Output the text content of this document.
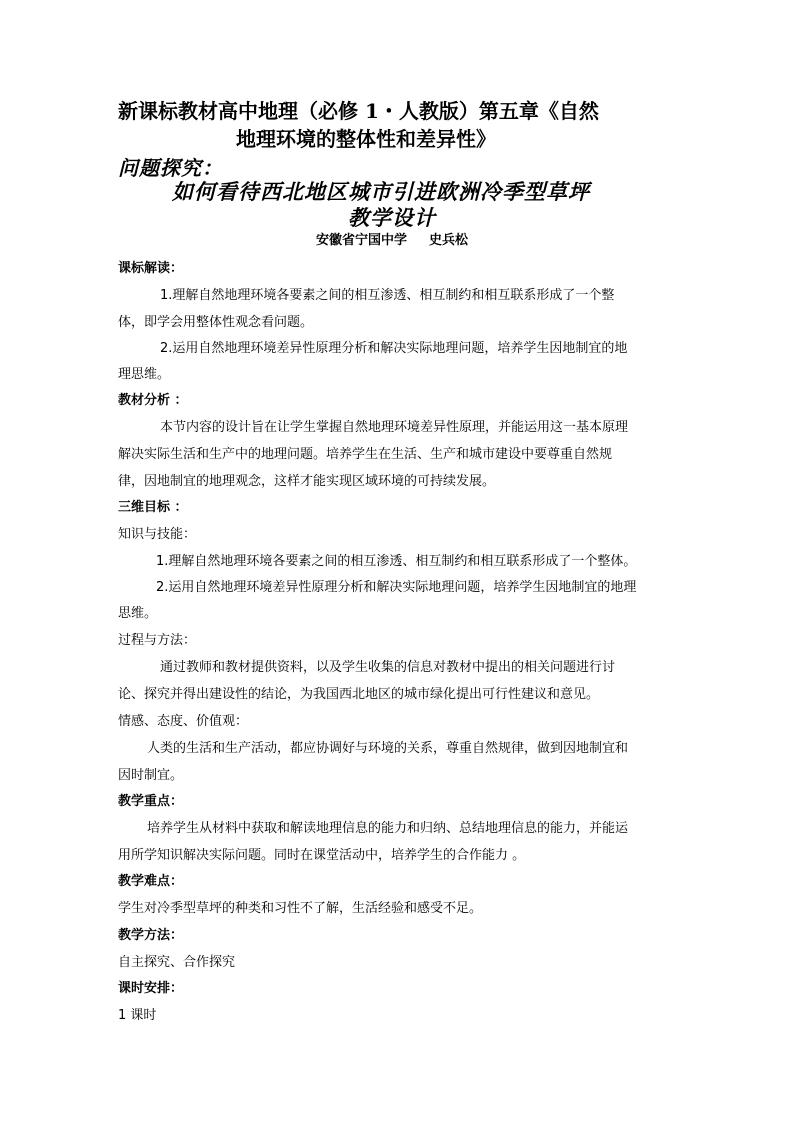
新课标教材高中地理（必修 1・人教版）第五章《自然
地理环境的整体性和差异性》
问题探究：
如何看待西北地区城市引进欧洲冷季型草坪
教学设计
安徽省宁国中学 史兵松
课标解读：
1.理解自然地理环境各要素之间的相互渗透、相互制约和相互联系形成了一个整
体，即学会用整体性观念看问题。
2.运用自然地理环境差异性原理分析和解决实际地理问题，培养学生因地制宜的地
理思维。
教材分析 ：
本节内容的设计旨在让学生掌握自然地理环境差异性原理，并能运用这一基本原理
解决实际生活和生产中的地理问题。培养学生在生活、生产和城市建设中要尊重自然规
律，因地制宜的地理观念，这样才能实现区域环境的可持续发展。
三维目标 ：
知识与技能：
1.理解自然地理环境各要素之间的相互渗透、相互制约和相互联系形成了一个整体。
2.运用自然地理环境差异性原理分析和解决实际地理问题，培养学生因地制宜的地理
思维。
过程与方法：
通过教师和教材提供资料，以及学生收集的信息对教材中提出的相关问题进行讨
论、探究并得出建设性的结论，为我国西北地区的城市绿化提出可行性建议和意见。
情感、态度、价值观：
人类的生活和生产活动，都应协调好与环境的关系，尊重自然规律，做到因地制宜和
因时制宜。
教学重点：
培养学生从材料中获取和解读地理信息的能力和归纳、总结地理信息的能力，并能运
用所学知识解决实际问题。同时在课堂活动中，培养学生的合作能力 。
教学难点：
学生对冷季型草坪的种类和习性不了解，生活经验和感受不足。
教学方法：
自主探究、合作探究
课时安排：
1 课时
